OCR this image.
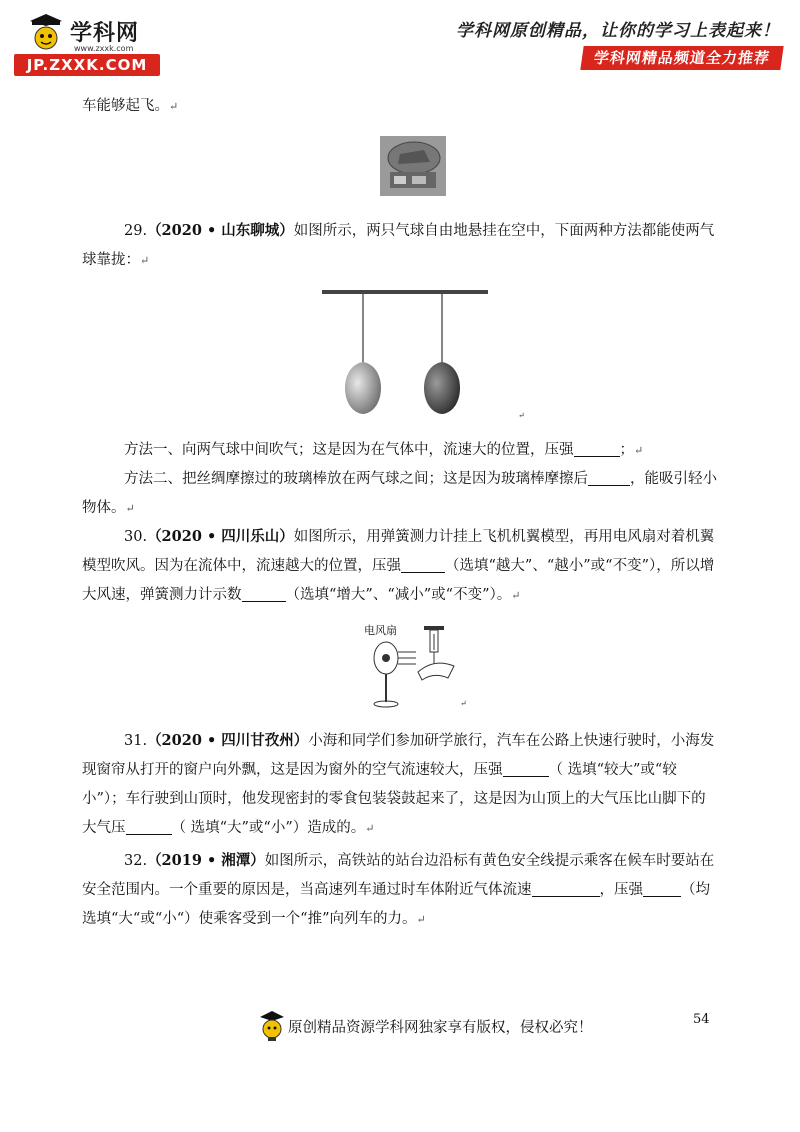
学科网
www.zxxk.com
JP.ZXXK.COM
学科网原创精品，让你的学习上表起来！
学科网精品频道全力推荐
车能够起飞。↵
29.（2020 • 山东聊城）如图所示，两只气球自由地悬挂在空中，下面两种方法都能使两气球靠拢：↵
↵
方法一、向两气球中间吹气；这是因为在气体中，流速大的位置，压强	；↵
方法二、把丝绸摩擦过的玻璃棒放在两气球之间；这是因为玻璃棒摩擦后	，能吸引轻小物体。↵
30.（2020 • 四川乐山）如图所示，用弹簧测力计挂上飞机机翼模型，再用电风扇对着机翼模型吹风。因为在流体中，流速越大的位置，压强	（选填“越大”、“越小”或“不变”），所以增大风速，弹簧测力计示数	（选填“增大”、“减小”或“不变”）。↵
电风扇
↵
31.（2020 • 四川甘孜州）小海和同学们参加研学旅行，汽车在公路上快速行驶时，小海发现窗帘从打开的窗户向外飘，这是因为窗外的空气流速较大，压强	（ 选填“较大”或“较小”）；车行驶到山顶时，他发现密封的零食包装袋鼓起来了，这是因为山顶上的大气压比山脚下的大气压	（ 选填“大”或“小”）造成的。↵
32.（2019 • 湘潭）如图所示，高铁站的站台边沿标有黄色安全线提示乘客在候车时要站在安全范围内。一个重要的原因是，当高速列车通过时车体附近气体流速	，压强	（均选填“大“或“小“）使乘客受到一个“推”向列车的力。↵
54
原创精品资源学科网独家享有版权，侵权必究！
